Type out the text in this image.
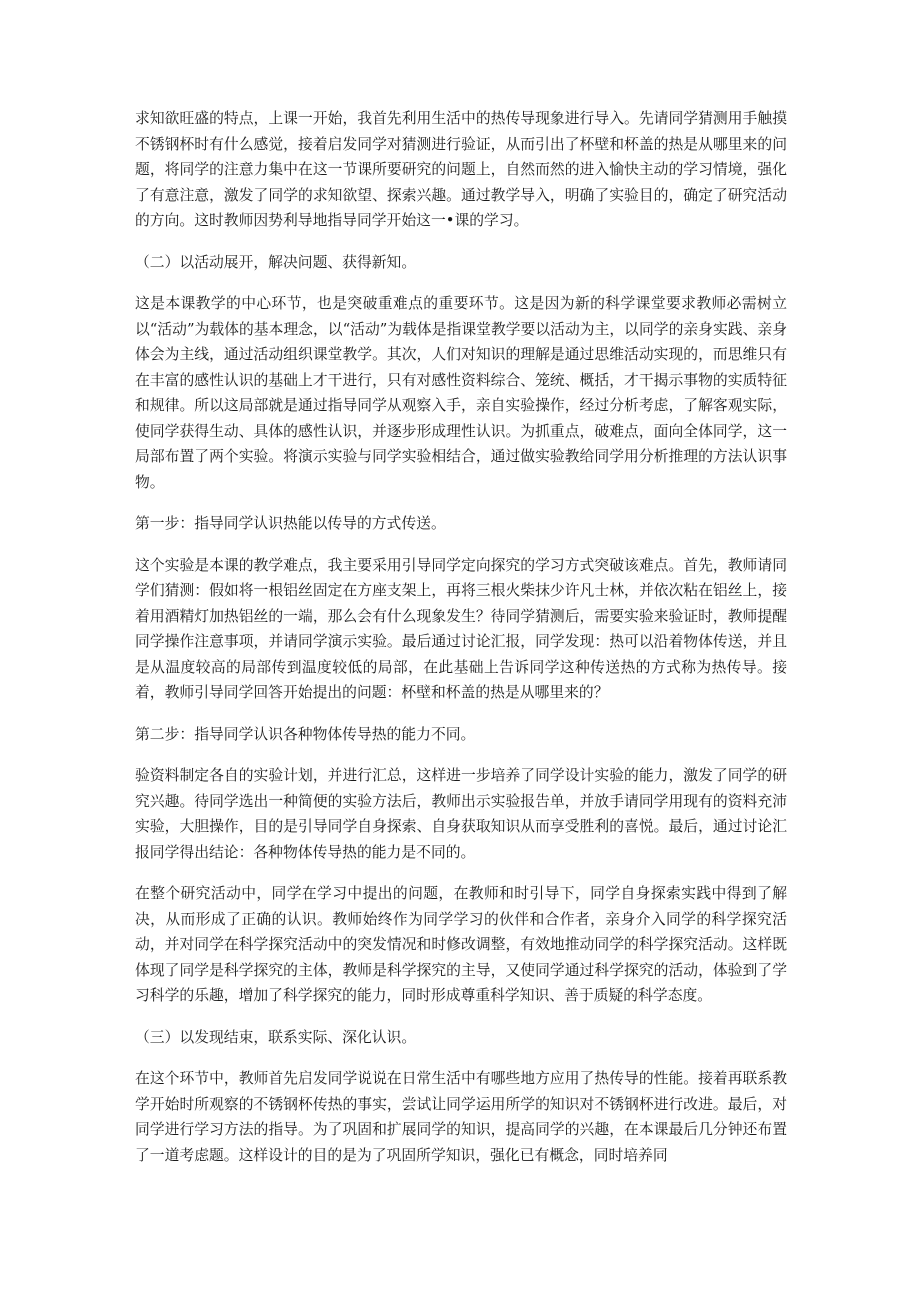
求知欲旺盛的特点，上课一开始，我首先利用生活中的热传导现象进行导入。先请同学猜测用手触摸不锈钢杯时有什么感觉，接着启发同学对猜测进行验证，从而引出了杯壁和杯盖的热是从哪里来的问题，将同学的注意力集中在这一节课所要研究的问题上，自然而然的进入愉快主动的学习情境，强化了有意注意，激发了同学的求知欲望、探索兴趣。通过教学导入，明确了实验目的，确定了研究活动的方向。这时教师因势利导地指导同学开始这一•课的学习。

（二）以活动展开，解决问题、获得新知。

这是本课教学的中心环节，也是突破重难点的重要环节。这是因为新的科学课堂要求教师必需树立以“活动”为载体的基本理念，以“活动”为载体是指课堂教学要以活动为主，以同学的亲身实践、亲身体会为主线，通过活动组织课堂教学。其次，人们对知识的理解是通过思维活动实现的，而思维只有在丰富的感性认识的基础上才干进行，只有对感性资料综合、笼统、概括，才干揭示事物的实质特征和规律。所以这局部就是通过指导同学从观察入手，亲自实验操作，经过分析考虑，了解客观实际，使同学获得生动、具体的感性认识，并逐步形成理性认识。为抓重点，破难点，面向全体同学，这一局部布置了两个实验。将演示实验与同学实验相结合，通过做实验教给同学用分析推理的方法认识事物。

第一步：指导同学认识热能以传导的方式传送。

这个实验是本课的教学难点，我主要采用引导同学定向探究的学习方式突破该难点。首先，教师请同学们猜测：假如将一根铝丝固定在方座支架上，再将三根火柴抹少许凡士林，并依次粘在铝丝上，接着用酒精灯加热铝丝的一端，那么会有什么现象发生？待同学猜测后，需要实验来验证时，教师提醒同学操作注意事项，并请同学演示实验。最后通过讨论汇报，同学发现：热可以沿着物体传送，并且是从温度较高的局部传到温度较低的局部，在此基础上告诉同学这种传送热的方式称为热传导。接着，教师引导同学回答开始提出的问题：杯壁和杯盖的热是从哪里来的？

第二步：指导同学认识各种物体传导热的能力不同。

验资料制定各自的实验计划，并进行汇总，这样进一步培养了同学设计实验的能力，激发了同学的研究兴趣。待同学选出一种简便的实验方法后，教师出示实验报告单，并放手请同学用现有的资料充沛实验，大胆操作，目的是引导同学自身探索、自身获取知识从而享受胜利的喜悦。最后，通过讨论汇报同学得出结论：各种物体传导热的能力是不同的。

在整个研究活动中，同学在学习中提出的问题，在教师和时引导下，同学自身探索实践中得到了解决，从而形成了正确的认识。教师始终作为同学学习的伙伴和合作者，亲身介入同学的科学探究活动，并对同学在科学探究活动中的突发情况和时修改调整，有效地推动同学的科学探究活动。这样既体现了同学是科学探究的主体，教师是科学探究的主导，又使同学通过科学探究的活动，体验到了学习科学的乐趣，增加了科学探究的能力，同时形成尊重科学知识、善于质疑的科学态度。

（三）以发现结束，联系实际、深化认识。

在这个环节中，教师首先启发同学说说在日常生活中有哪些地方应用了热传导的性能。接着再联系教学开始时所观察的不锈钢杯传热的事实，尝试让同学运用所学的知识对不锈钢杯进行改进。最后，对同学进行学习方法的指导。为了巩固和扩展同学的知识，提高同学的兴趣，在本课最后几分钟还布置了一道考虑题。这样设计的目的是为了巩固所学知识，强化已有概念，同时培养同
